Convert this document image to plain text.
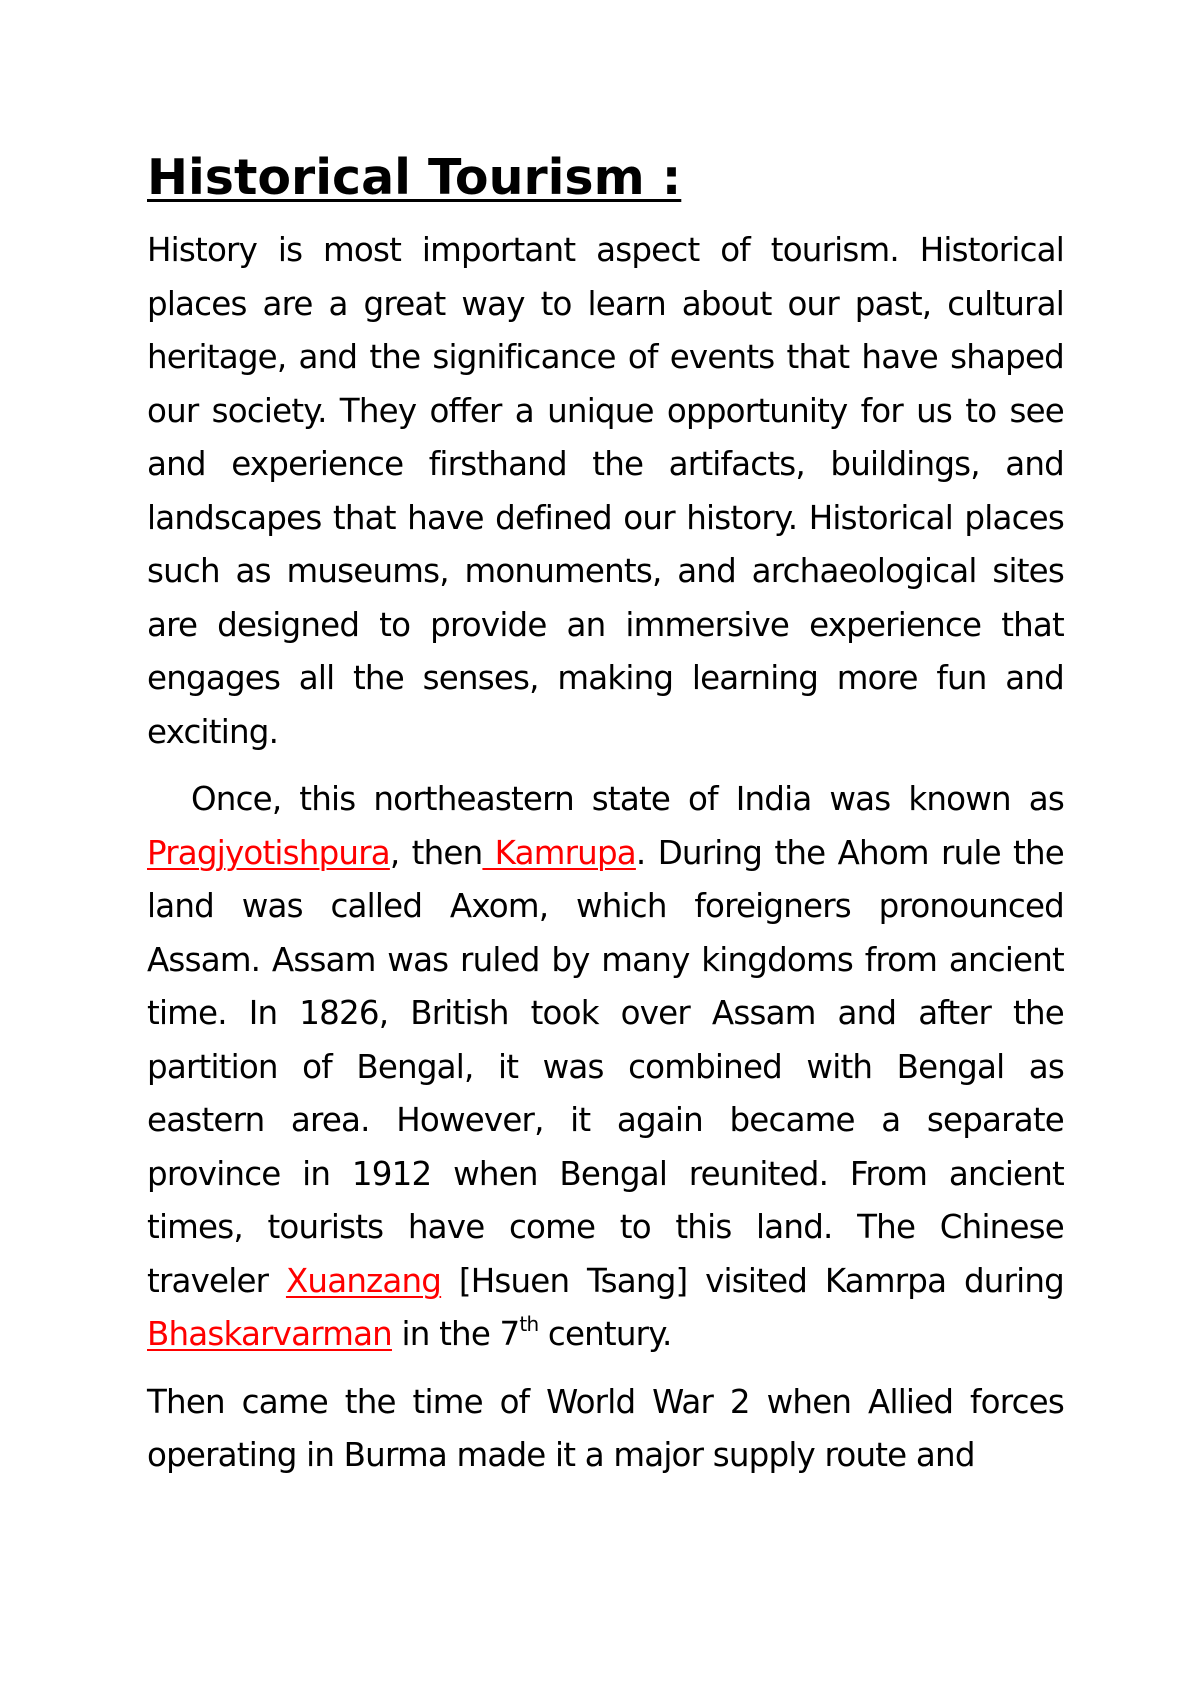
Historical Tourism :

History is most important aspect of tourism. Historical places are a great way to learn about our past, cultural heritage, and the significance of events that have shaped our society. They offer a unique opportunity for us to see and experience firsthand the artifacts, buildings, and landscapes that have defined our history. Historical places such as museums, monuments, and archaeological sites are designed to provide an immersive experience that engages all the senses, making learning more fun and exciting.

Once, this northeastern state of India was known as Pragjyotishpura, then Kamrupa. During the Ahom rule the land was called Axom, which foreigners pronounced Assam. Assam was ruled by many kingdoms from ancient time. In 1826, British took over Assam and after the partition of Bengal, it was combined with Bengal as eastern area. However, it again became a separate province in 1912 when Bengal reunited. From ancient times, tourists have come to this land. The Chinese traveler Xuanzang [Hsuen Tsang] visited Kamrpa during Bhaskarvarman in the 7th century.

Then came the time of World War 2 when Allied forces operating in Burma made it a major supply route and
